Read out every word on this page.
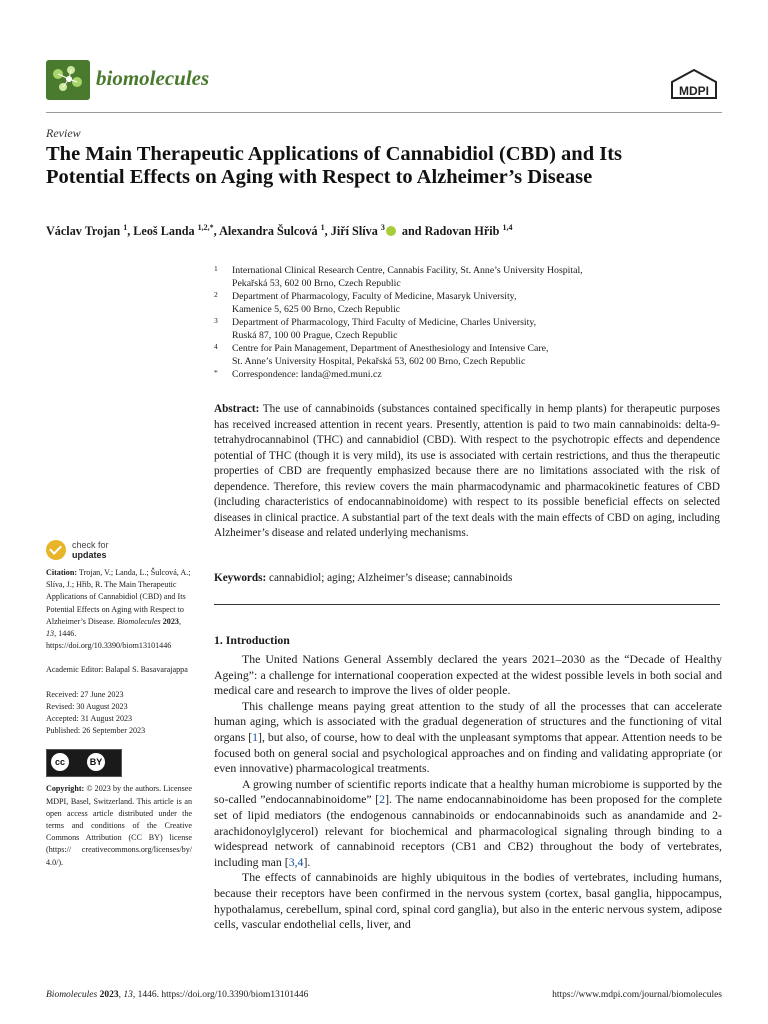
biomolecules
MDPI
Review
The Main Therapeutic Applications of Cannabidiol (CBD) and Its Potential Effects on Aging with Respect to Alzheimer’s Disease
Václav Trojan $^1$, Leoš Landa $^{1,2,*}$, Alexandra Šulcová $^1$, Jiří Slíva $^3$ and Radovan Hřib $^{1,4}$
1 International Clinical Research Centre, Cannabis Facility, St. Anne’s University Hospital,
Pekařská 53, 602 00 Brno, Czech Republic
2 Department of Pharmacology, Faculty of Medicine, Masaryk University,
Kamenice 5, 625 00 Brno, Czech Republic
3 Department of Pharmacology, Third Faculty of Medicine, Charles University,
Ruská 87, 100 00 Prague, Czech Republic
4 Centre for Pain Management, Department of Anesthesiology and Intensive Care,
St. Anne’s University Hospital, Pekařská 53, 602 00 Brno, Czech Republic
* Correspondence: landa@med.muni.cz
Abstract: The use of cannabinoids (substances contained specifically in hemp plants) for therapeutic purposes has received increased attention in recent years. Presently, attention is paid to two main cannabinoids: delta-9-tetrahydrocannabinol (THC) and cannabidiol (CBD). With respect to the psychotropic effects and dependence potential of THC (though it is very mild), its use is associated with certain restrictions, and thus the therapeutic properties of CBD are frequently emphasized because there are no limitations associated with the risk of dependence. Therefore, this review covers the main pharmacodynamic and pharmacokinetic features of CBD (including characteristics of endocannabinoidome) with respect to its possible beneficial effects on selected diseases in clinical practice. A substantial part of the text deals with the main effects of CBD on aging, including Alzheimer’s disease and related underlying mechanisms.
Keywords: cannabidiol; aging; Alzheimer’s disease; cannabinoids
check for
updates
Citation: Trojan, V.; Landa, L.; Šulcová, A.; Slíva, J.; Hřib, R. The Main Therapeutic Applications of Cannabidiol (CBD) and Its Potential Effects on Aging with Respect to Alzheimer’s Disease. Biomolecules 2023, 13, 1446. https://doi.org/10.3390/biom13101446
Academic Editor: Balapal S. Basavarajappa
Received: 27 June 2023
Revised: 30 August 2023
Accepted: 31 August 2023
Published: 26 September 2023
cc	BY
Copyright: © 2023 by the authors. Licensee MDPI, Basel, Switzerland. This article is an open access article distributed under the terms and conditions of the Creative Commons Attribution (CC BY) license (https:// creativecommons.org/licenses/by/ 4.0/).
1. Introduction

The United Nations General Assembly declared the years 2021–2030 as the “Decade of Healthy Ageing”: a challenge for international cooperation expected at the widest possible levels in both social and medical care and research to improve the lives of older people.

This challenge means paying great attention to the study of all the processes that can accelerate human aging, which is associated with the gradual degeneration of structures and the functioning of vital organs [1], but also, of course, how to deal with the unpleasant symptoms that appear. Attention needs to be focused both on general social and psychological approaches and on finding and validating appropriate (or even innovative) pharmacological treatments.

A growing number of scientific reports indicate that a healthy human microbiome is supported by the so-called ”endocannabinoidome” [2]. The name endocannabinoidome has been proposed for the complete set of lipid mediators (the endogenous cannabinoids or endocannabinoids such as anandamide and 2-arachidonoylglycerol) relevant for biochemical and pharmacological signaling through binding to a widespread network of cannabinoid receptors (CB1 and CB2) throughout the body of vertebrates, including man [3,4].

The effects of cannabinoids are highly ubiquitous in the bodies of vertebrates, including humans, because their receptors have been confirmed in the nervous system (cortex, basal ganglia, hippocampus, hypothalamus, cerebellum, spinal cord, spinal cord ganglia), but also in the enteric nervous system, adipose cells, vascular endothelial cells, liver, and

Biomolecules 2023, 13, 1446. https://doi.org/10.3390/biom13101446	https://www.mdpi.com/journal/biomolecules
